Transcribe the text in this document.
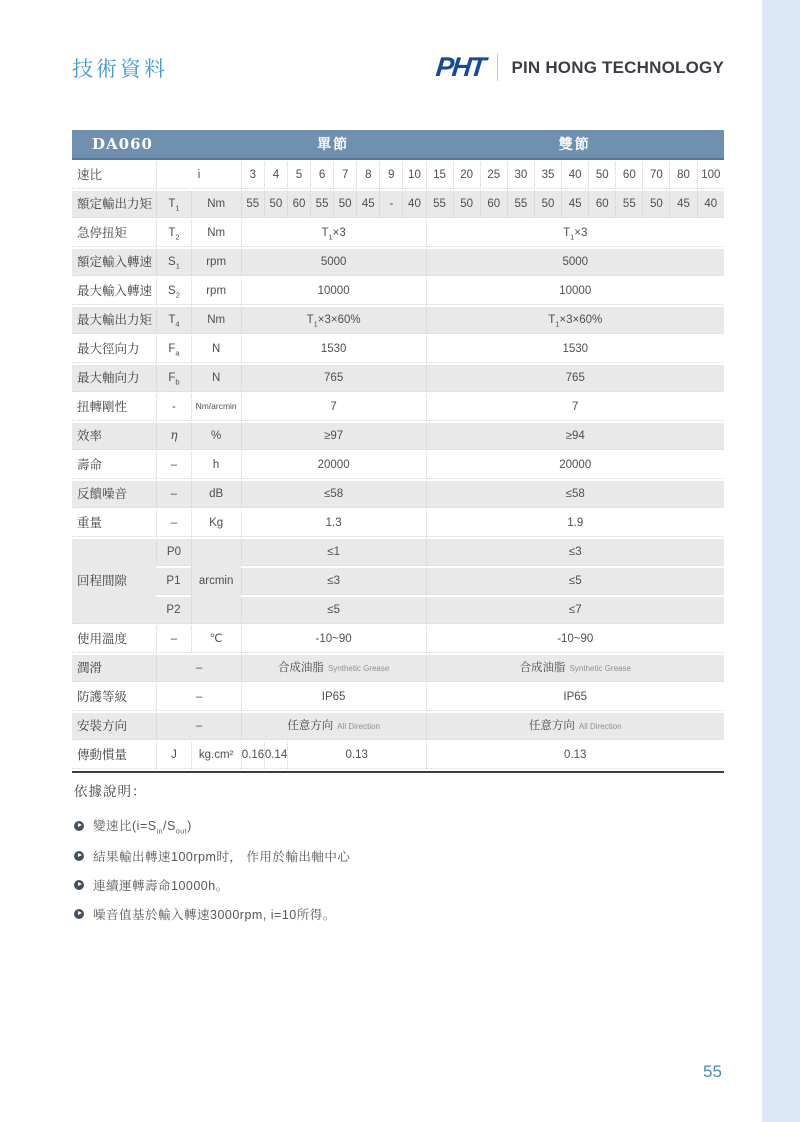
技術資料	PHT PIN HONG TECHNOLOGY
DA060			單節								雙節										
速比	i		3	4	5	6	7	8	9	10	15	20	25	30	35	40	50	60	70	80	100
額定輸出力矩	$T_1$	Nm	55	50	60	55	50	45	-	40	55	50	60	55	50	45	60	55	50	45	40
急停扭矩	$T_2$	Nm	$T_1\times 3$								$T_1\times 3$										
額定輸入轉速	$S_1$	rpm	5000								5000										
最大輸入轉速	$S_2$	rpm	10000								10000										
最大輸出力矩	$T_4$	Nm	$T_1\times 3\times 60\%$								$T_1\times 3\times 60\%$										
最大徑向力	$F_a$	N	1530								1530										
最大軸向力	$F_b$	N	765								765										
扭轉剛性	-	Nm/arcmin	7								7										
效率	η	%	≥97								≥94										
壽命	–	h	20000								20000										
反饋噪音	–	dB	≤58								≤58										
重量	–	Kg	1.3								1.9										
回程間隙	P0	arcmin	≤1								≤3										
	P1		≤3								≤5										
	P2		≤5								≤7										
使用溫度	–	℃	-10~90								-10~90										
潤滑	–		合成油脂 Synthetic Grease								合成油脂 Synthetic Grease										
防護等級	–		IP65								IP65										
安裝方向	–		任意方向 All Direction								任意方向 All Direction										
傳動慣量	J	kg.cm²	0.16	0.14	0.13						0.13										
依據說明：
變速比$(i=S_{in}/S_{out})$
結果輸出轉速100rpm时， 作用於輸出軸中心
連續運轉壽命10000h。
噪音值基於輸入轉速3000rpm, i=10所得。
55
